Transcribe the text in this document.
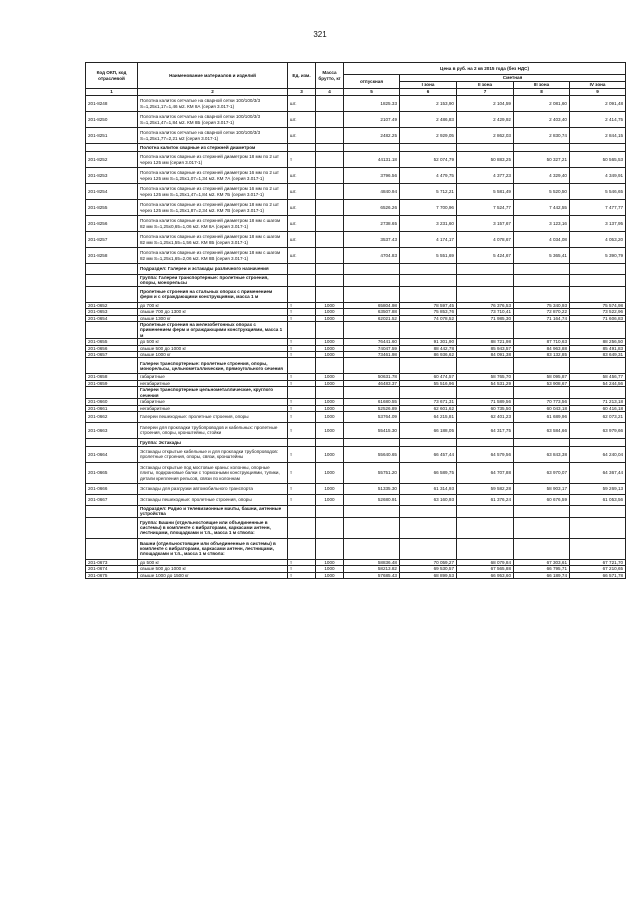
321
Код ОКП, код отраслевой	Наименование материалов и изделий	Ед. изм.	Масса брутто, кг	Цена в руб. на 2 кв 2015 года (без НДС)				
				отпускная	Сметная			
					I зона	II зона	III зона	IV зона
1	2	3	4	5	6	7	8	9
201-8248	Полотна калиток сетчатые на сварной сетки 100/100/3/3 S=1,25x1,17=1,46 м2. КМ 8А (серия 3.017-1)	шт.		1825.33	2 153,90	2 104,59	2 081,60	2 091,48
201-8250	Полотна калиток сетчатые на сварной сетки 100/100/3/3 S=1,25x1,47=1,84 м2. КМ 8Б (серия 3.017-1)	шт.		2107.49	2 486,83	2 429,92	2 403,40	2 414,75
201-8251	Полотна калиток сетчатые на сварной сетки 100/100/3/3 S=1,25x1,77=2,21 м2 (серия 3.017-1)	шт.		2482.25	2 929,05	2 862,03	2 830,74	2 844,15
	Полотна калиток сварные из стержней диаметром							
201-8252	Полотна калиток сварные из стержней диаметром 18 мм по 2 шт через 125 мм (серия 3.017-1)	т		44131.18	52 074,79	50 883,25	50 327,21	50 565,53
201-8253	Полотна калиток сварные из стержней диаметром 16 мм по 2 шт через 125 мм S=1,25x1,07=1,34 м2. КМ 7А (серия 3.017-1)	шт.		3796.56	4 479,75	4 377,23	4 329,40	4 349,91
201-8254	Полотна калиток сварные из стержней диаметром 16 мм по 2 шт через 125 мм S=1,25x1,47=1,84 м2. КМ 7Б (серия 3.017-1)	шт.		4840.94	5 712,21	5 581,49	5 520,50	5 546,65
201-8255	Полотна калиток сварные из стержней диаметром 18 мм по 2 шт через 125 мм S=1,25x1,87=2,34 м2. КМ 7В (серия 3.017-1)	шт.		6526.26	7 700,96	7 524,77	7 442,55	7 477,77
201-8256	Полотна калиток сварные из стержней диаметром 18 мм с шагом 82 мм S=1,25x0,65=1,06 м2. КМ 8А (серия 3.017-1)	шт.		2738.65	3 231,60	3 157,67	3 123,16	3 137,95
201-8257	Полотна калиток сварные из стержней диаметром 18 мм с шагом 82 мм S=1,25x1,55=1,56 м2. КМ 8Б (серия 3.017-1)	шт.		3537.43	4 174,17	4 078,67	4 034,08	4 053,20
201-8258	Полотна калиток сварные из стержней диаметром 18 мм с шагом 82 мм S=1,25x1,65=2,06 м2. КМ 8В (серия 3.017-1)	шт.		4704.83	5 551,69	5 424,67	5 365,41	5 390,79
	Подраздел: Галереи и эстакады различного назначения							
	Группа: Галереи транспортерные: пролетные строения, опоры, монорельсы							
	Пролетные строения на стальных опорах с применением ферм и с ограждающими конструкциями, масса 1 м							
201-0652	до 700 кг	т	1000	65804.98	78 597,45	76 376,53	75 340,93	75 574,98
201-0653	свыше 700 до 1300 кг	т	1000	63507.88	75 853,76	73 710,41	72 870,22	73 522,96
201-0654	свыше 1300 кг	т	1000	62021.52	74 078,52	71 985,30	71 164,74	71 606,83
	Пролетные строения на железобетонных опорах с применением ферм и ограждающими конструкциями, масса 1 м							
201-0655	до 500 кг	т	1000	76441.60	91 301,90	88 721,98	87 710,63	88 256,50
201-0656	свыше 500 до 1000 кг	т	1000	74047.59	88 442,78	85 943,57	84 963,88	85 491,83
201-0657	свыше 1000 кг	т	1000	73461.98	86 936,62	84 091,38	83 132,85	83 649,31
	Галереи транспортерные: пролетные строения, опоры, монорельсы, цельнометаллические, прямоугольного сечения							
201-0658	габаритные	т	1000	50631.78	60 474,57	58 765,70	58 095,87	58 456,77
201-0659	негабаритные	т	1000	46483.37	55 516,96	54 531,29	53 908,67	54 244,56
	Галереи транспортерные цельнометаллические, круглого сечения							
201-0660	габаритные	т	1000	61680.55	73 671,31	71 589,56	70 773,56	71 213,18
201-0661	негабаритные	т	1000	52526.89	62 601,62	60 735,50	60 043,18	60 416,18
201-0662	Галереи пешеходные: пролетные строения, опоры	т	1000	53764.09	64 215,81	62 401,23	61 689,96	62 073,21
201-0663	Галереи для прокладки трубопроводов и кабельных: пролетные строения, опоры, кронштейны, стойки	т	1000	55415.30	66 188,05	64 317,75	63 584,66	63 979,66
	Группа: Эстакады							
201-0664	Эстакады открытые кабельные и для прокладки трубопроводов: пролетные строения, опоры, связи, кронштейны	т	1000	55640.65	66 457,44	64 579,56	63 843,38	64 240,04
201-0665	Эстакады открытые под мостовые краны: колонны, опорные плиты, подкрановые балки с тормозными конструкциями, тупики, детали крепления рельсов, связи по колоннам	т	1000	55751.20	66 589,75	64 707,88	63 970,07	64 367,44
201-0666	Эстакады для разгрузки автомобильного транспорта	т	1000	51335.30	61 314,93	59 582,28	58 903,17	59 269,13
201-0667	Эстакады пешеходные: пролетные строения, опоры	т	1000	52680.91	63 160,93	61 376,24	60 676,59	61 053,56
	Подраздел: Радио и телевизионные мачты, башни, антенные устройства							
	Группа: Башни (отдельностоящие или объединенные в системы) в комплекте с вибраторами, каркасами антенн, лестницами, площадками и т.п., масса 1 м ствола:							
	Башни (отдельностоящие или объединенные в системы) в комплекте с вибраторами, каркасами антенн, лестницами, площадками и т.п., масса 1 м ствола:							
201-0673	до 500 кг	т	1000	58836.48	70 059,27	68 079,84	67 303,61	67 721,70
201-0674	свыше 500 до 1000 кг	т	1000	58213.82	69 530,57	67 565,88	66 795,71	67 210,65
201-0675	свыше 1000 до 1500 кг	т	1000	57685.43	68 899,53	66 953,60	66 189,74	66 571,78
